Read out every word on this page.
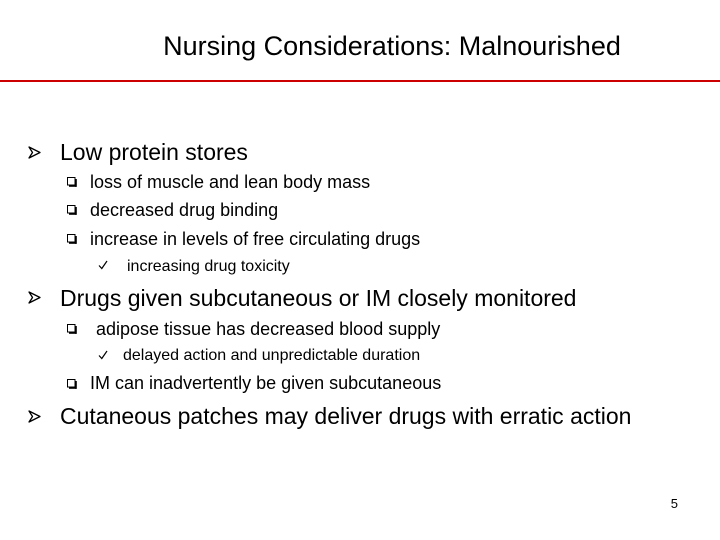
Nursing Considerations: Malnourished
Low protein stores
loss of muscle and lean body mass
decreased drug binding
increase in levels of free circulating drugs
increasing drug toxicity
Drugs given subcutaneous or IM closely monitored
adipose tissue has decreased blood supply
delayed action and unpredictable duration
IM can inadvertently be given subcutaneous
Cutaneous patches may deliver drugs with erratic action
5
